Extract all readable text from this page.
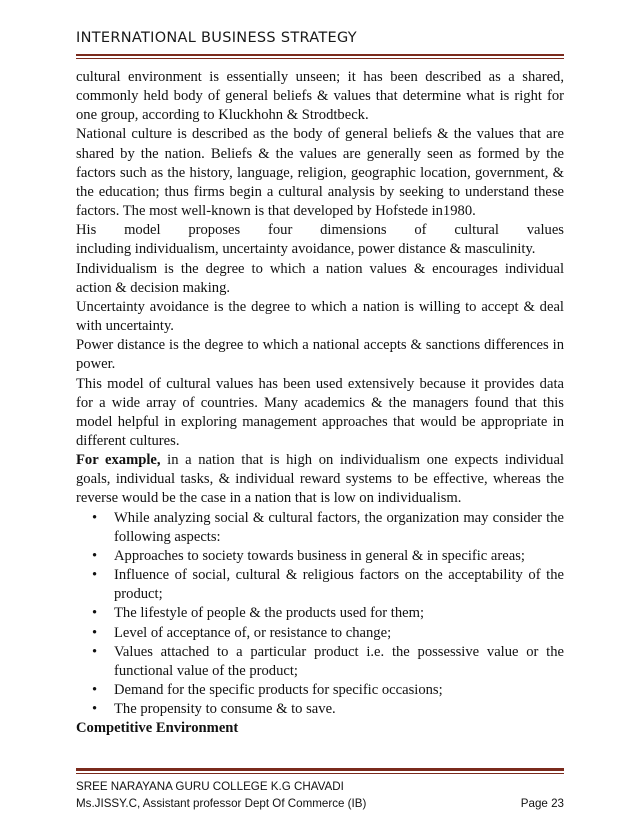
INTERNATIONAL BUSINESS STRATEGY

cultural environment is essentially unseen; it has been described as a shared, commonly held body of general beliefs & values that determine what is right for one group, according to Kluckhohn & Strodtbeck.

National culture is described as the body of general beliefs & the values that are shared by the nation. Beliefs & the values are generally seen as formed by the factors such as the history, language, religion, geographic location, government, & the education; thus firms begin a cultural analysis by seeking to understand these factors. The most well-known is that developed by Hofstede in1980.

His model proposes four dimensions of cultural values

including individualism, uncertainty avoidance, power distance & masculinity.

Individualism is the degree to which a nation values & encourages individual action & decision making.

Uncertainty avoidance is the degree to which a nation is willing to accept & deal with uncertainty.

Power distance is the degree to which a national accepts & sanctions differences in power.

This model of cultural values has been used extensively because it provides data for a wide array of countries. Many academics & the managers found that this model helpful in exploring management approaches that would be appropriate in different cultures.

For example, in a nation that is high on individualism one expects individual goals, individual tasks, & individual reward systems to be effective, whereas the reverse would be the case in a nation that is low on individualism.

• While analyzing social & cultural factors, the organization may consider the following aspects:
• Approaches to society towards business in general & in specific areas;
• Influence of social, cultural & religious factors on the acceptability of the product;
• The lifestyle of people & the products used for them;
• Level of acceptance of, or resistance to change;
• Values attached to a particular product i.e. the possessive value or the functional value of the product;
• Demand for the specific products for specific occasions;
• The propensity to consume & to save.

Competitive Environment

SREE NARAYANA GURU COLLEGE K.G CHAVADI
Ms.JISSY.C, Assistant professor Dept Of Commerce (IB)	Page 23
